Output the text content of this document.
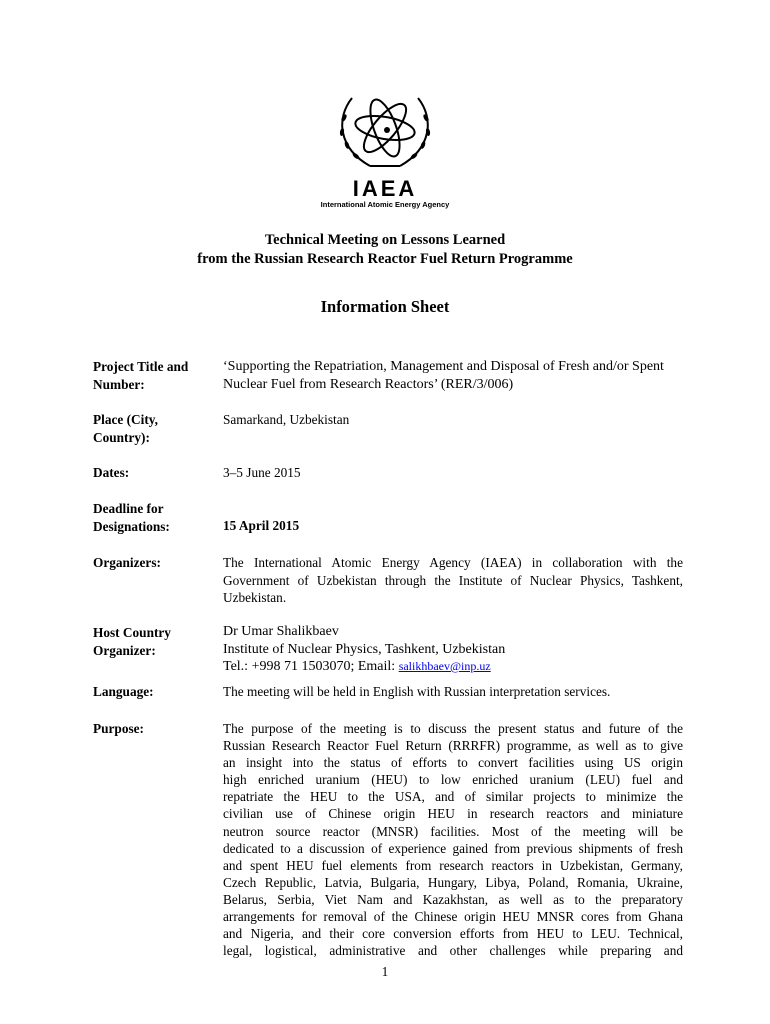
IAEA
International Atomic Energy Agency
Technical Meeting on Lessons Learned
from the Russian Research Reactor Fuel Return Programme
Information Sheet
Project Title and Number:
‘Supporting the Repatriation, Management and Disposal of Fresh and/or Spent Nuclear Fuel from Research Reactors’ (RER/3/006)
Place (City, Country):
Samarkand, Uzbekistan
Dates:	3–5 June 2015
Deadline for Designations:	15 April 2015
Organizers:	The International Atomic Energy Agency (IAEA) in collaboration with the Government of Uzbekistan through the Institute of Nuclear Physics, Tashkent, Uzbekistan.
Host Country Organizer:
Dr Umar Shalikbaev
Institute of Nuclear Physics, Tashkent, Uzbekistan
Tel.: +998 71 1503070; Email: salikhbaev@inp.uz
Language:	The meeting will be held in English with Russian interpretation services.
Purpose:	The purpose of the meeting is to discuss the present status and future of the
Russian Research Reactor Fuel Return (RRRFR) programme, as well as to give
an insight into the status of efforts to convert facilities using US origin
high enriched uranium (HEU) to low enriched uranium (LEU) fuel and
repatriate the HEU to the USA, and of similar projects to minimize the
civilian use of Chinese origin HEU in research reactors and miniature
neutron source reactor (MNSR) facilities. Most of the meeting will be
dedicated to a discussion of experience gained from previous shipments of fresh
and spent HEU fuel elements from research reactors in Uzbekistan, Germany,
Czech Republic, Latvia, Bulgaria, Hungary, Libya, Poland, Romania, Ukraine,
Belarus, Serbia, Viet Nam and Kazakhstan, as well as to the preparatory
arrangements for removal of the Chinese origin HEU MNSR cores from Ghana
and Nigeria, and their core conversion efforts from HEU to LEU. Technical,
legal, logistical, administrative and other challenges while preparing and
1
